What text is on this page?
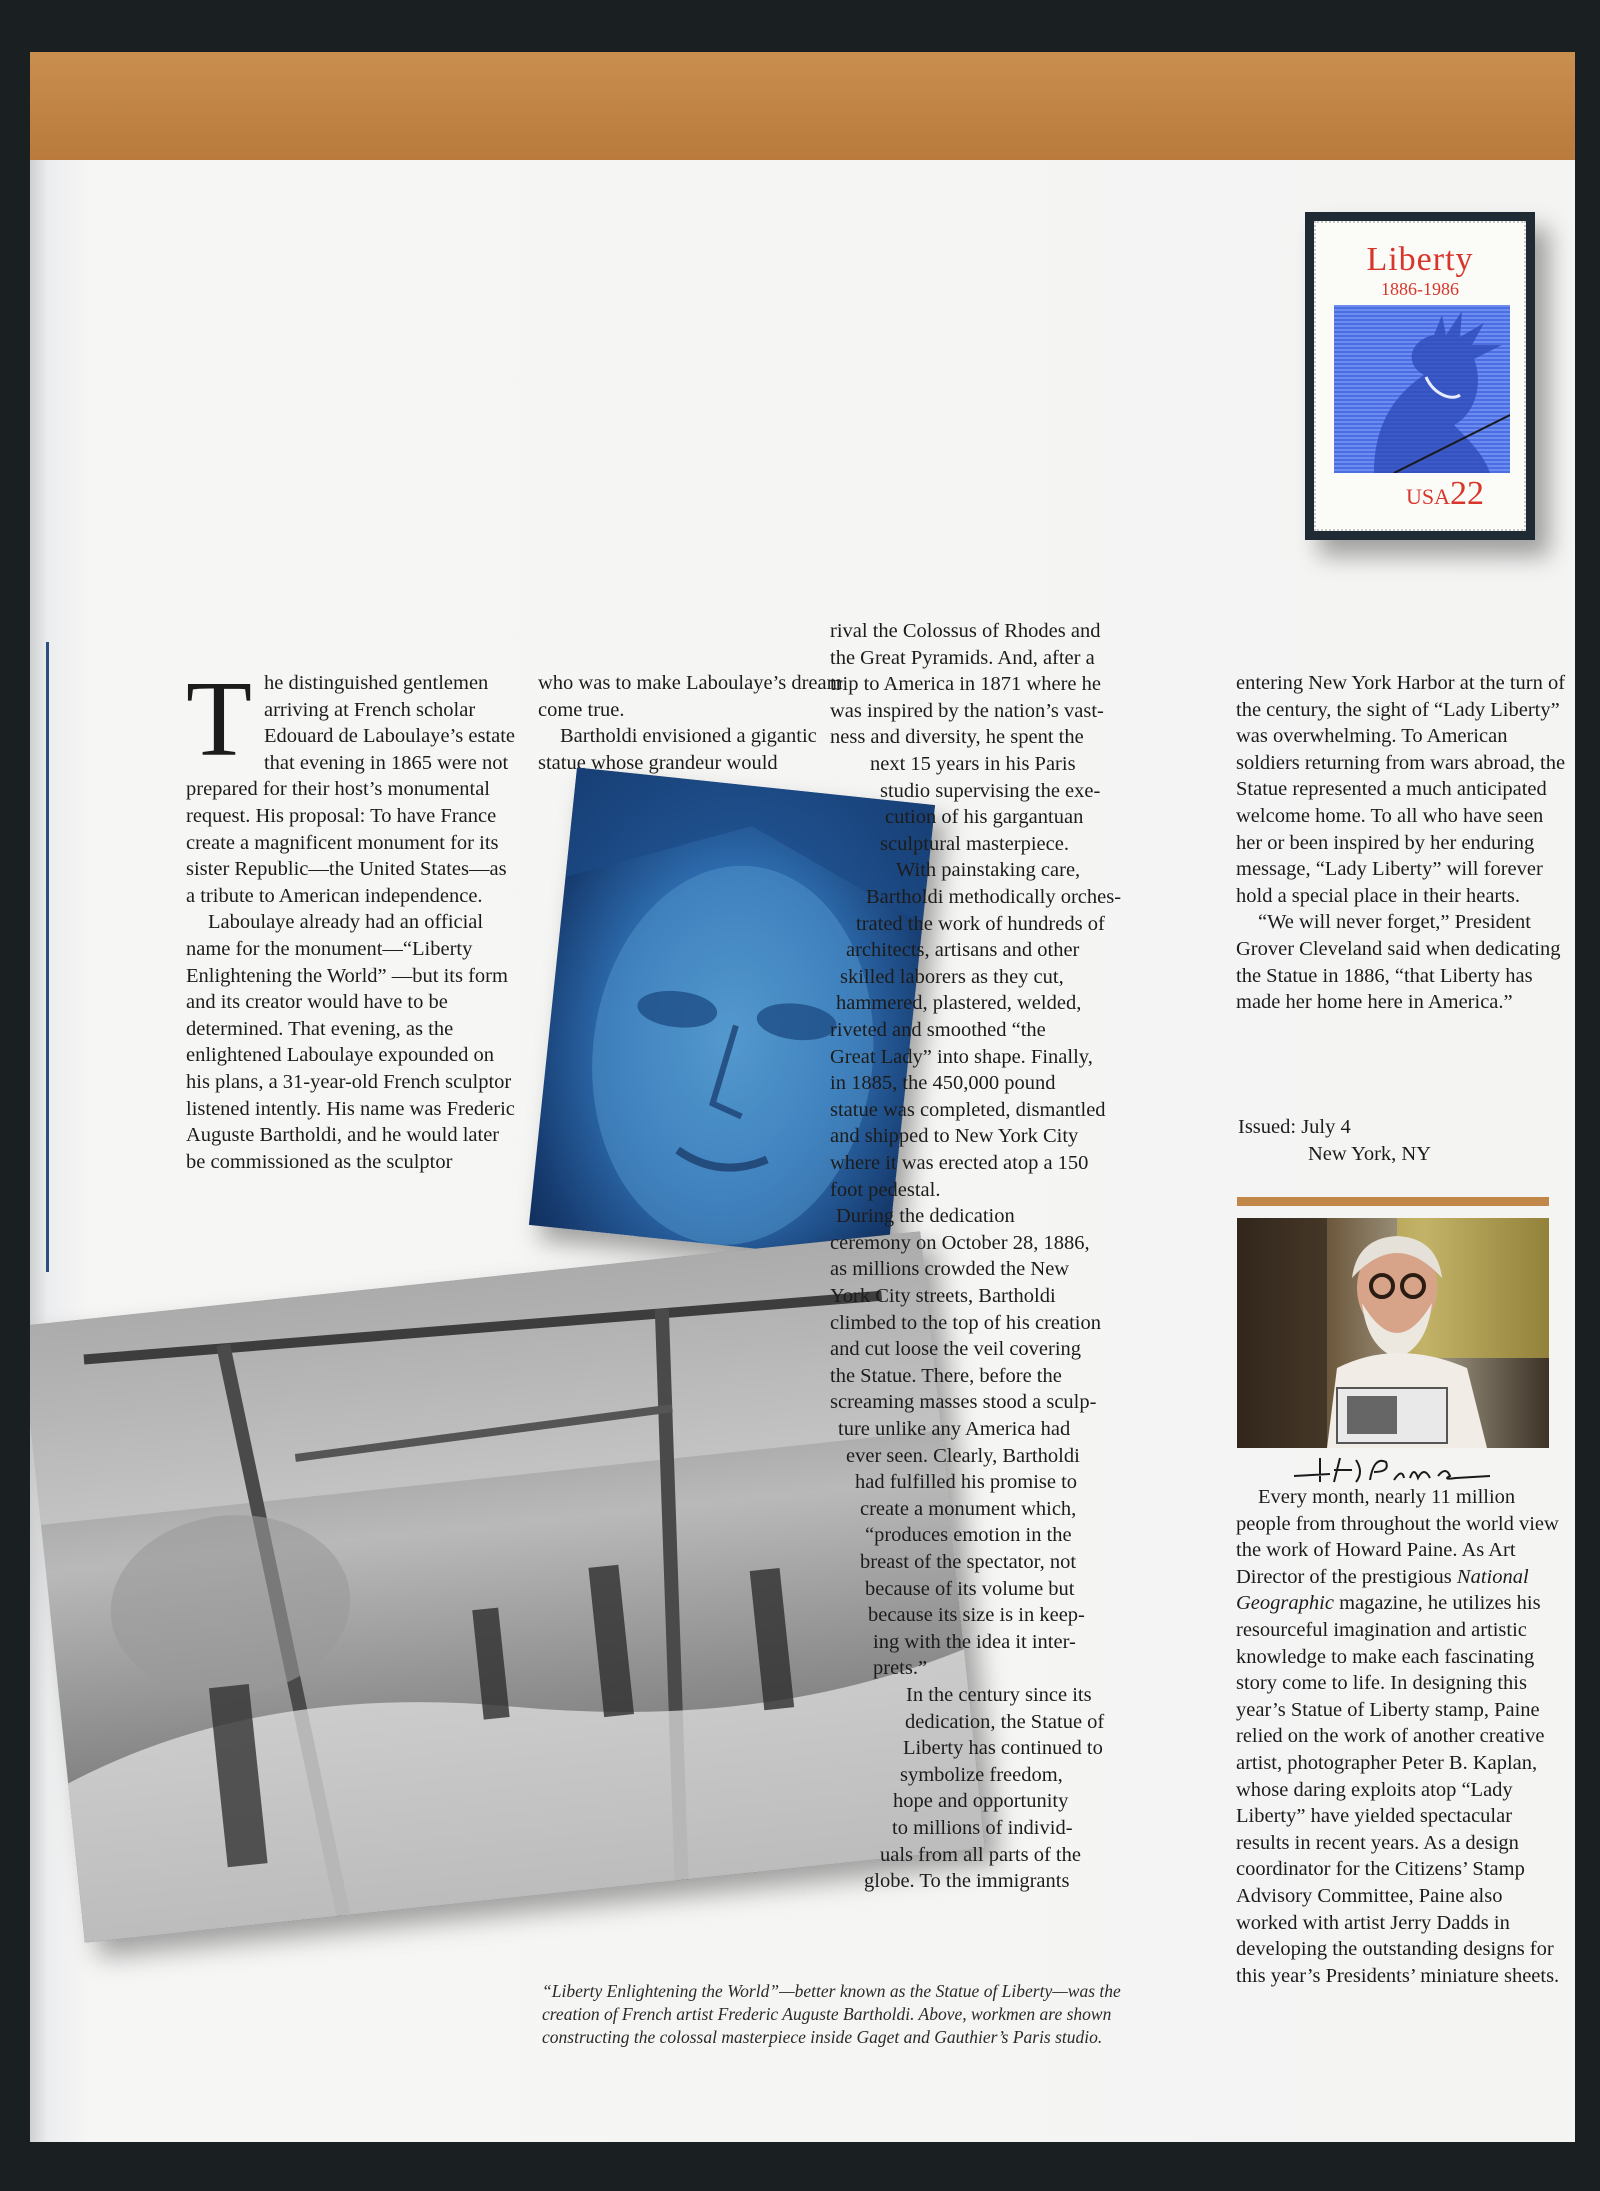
Liberty
1886-1986
USA22

The distinguished gentlemen arriving at French scholar Edouard de Laboulaye’s estate that evening in 1865 were not prepared for their host’s monumental request. His proposal: To have France create a magnificent monument for its sister Republic—the United States—as a tribute to American independence.

Laboulaye already had an official name for the monument—“Liberty Enlightening the World” —but its form and its creator would have to be determined. That evening, as the enlightened Laboulaye expounded on his plans, a 31-year-old French sculptor listened intently. His name was Frederic Auguste Bartholdi, and he would later be commissioned as the sculptor

who was to make Laboulaye’s dream come true.

Bartholdi envisioned a gigantic statue whose grandeur would

rival the Colossus of Rhodes and
the Great Pyramids. And, after a
trip to America in 1871 where he
was inspired by the nation’s vast-
ness and diversity, he spent the
next 15 years in his Paris
studio supervising the exe-
cution of his gargantuan
sculptural masterpiece.
With painstaking care,
Bartholdi methodically orches-
trated the work of hundreds of
architects, artisans and other
skilled laborers as they cut,
hammered, plastered, welded,
riveted and smoothed “the
Great Lady” into shape. Finally,
in 1885, the 450,000 pound
statue was completed, dismantled
and shipped to New York City
where it was erected atop a 150
foot pedestal.
During the dedication
ceremony on October 28, 1886,
as millions crowded the New
York City streets, Bartholdi
climbed to the top of his creation
and cut loose the veil covering
the Statue. There, before the
screaming masses stood a sculp-
ture unlike any America had
ever seen. Clearly, Bartholdi
had fulfilled his promise to
create a monument which,
“produces emotion in the
breast of the spectator, not
because of its volume but
because its size is in keep-
ing with the idea it inter-
prets.”
In the century since its
dedication, the Statue of
Liberty has continued to
symbolize freedom,
hope and opportunity
to millions of individ-
uals from all parts of the
globe. To the immigrants

entering New York Harbor at the turn of the century, the sight of “Lady Liberty” was overwhelming. To American soldiers returning from wars abroad, the Statue represented a much anticipated welcome home. To all who have seen her or been inspired by her enduring message, “Lady Liberty” will forever hold a special place in their hearts.

“We will never forget,” President Grover Cleveland said when dedicating the Statue in 1886, “that Liberty has made her home here in America.”

Issued: July 4
New York, NY

Every month, nearly 11 million people from throughout the world view the work of Howard Paine. As Art Director of the prestigious National Geographic magazine, he utilizes his resourceful imagination and artistic knowledge to make each fascinating story come to life. In designing this year’s Statue of Liberty stamp, Paine relied on the work of another creative artist, photographer Peter B. Kaplan, whose daring exploits atop “Lady Liberty” have yielded spectacular results in recent years. As a design coordinator for the Citizens’ Stamp Advisory Committee, Paine also worked with artist Jerry Dadds in developing the outstanding designs for this year’s Presidents’ miniature sheets.

“Liberty Enlightening the World”—better known as the Statue of Liberty—was the creation of French artist Frederic Auguste Bartholdi. Above, workmen are shown constructing the colossal masterpiece inside Gaget and Gauthier’s Paris studio.
